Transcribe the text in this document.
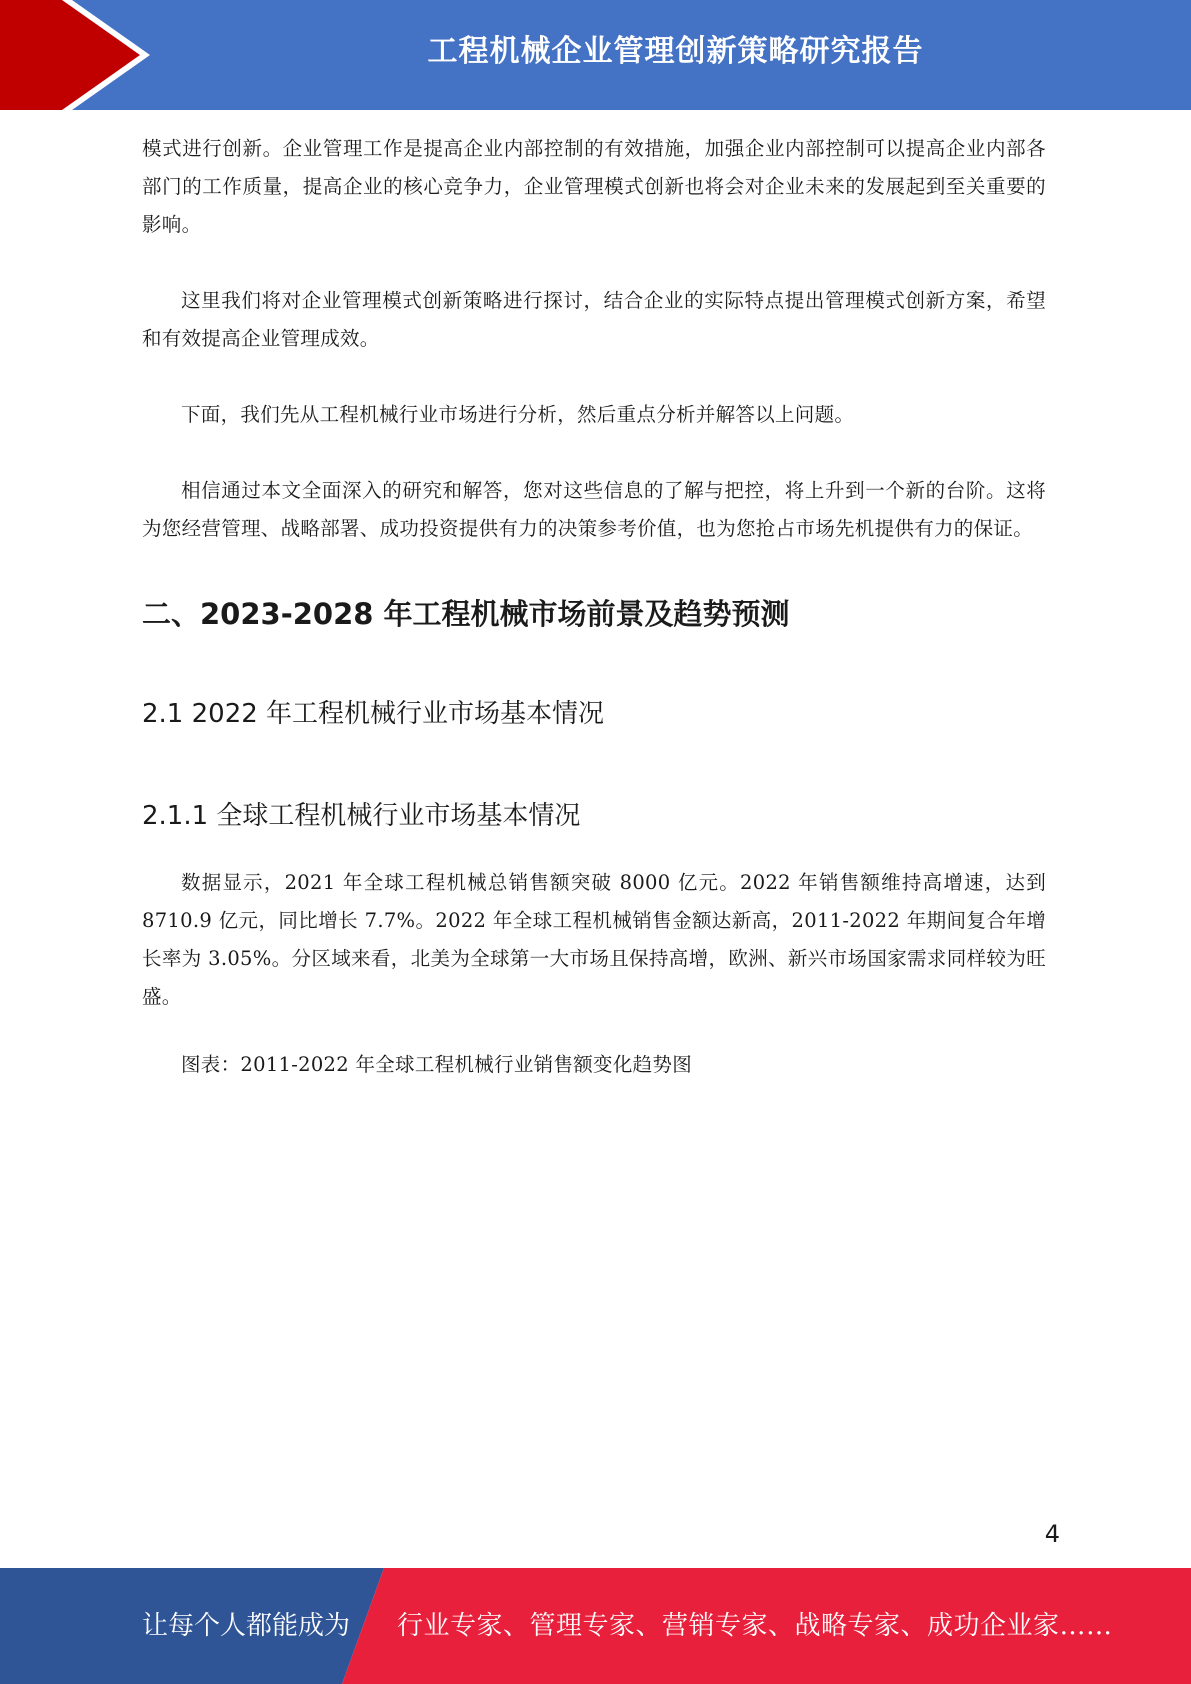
工程机械企业管理创新策略研究报告

模式进行创新。企业管理工作是提高企业内部控制的有效措施，加强企业内部控制可以提高企业内部各部门的工作质量，提高企业的核心竞争力，企业管理模式创新也将会对企业未来的发展起到至关重要的影响。

这里我们将对企业管理模式创新策略进行探讨，结合企业的实际特点提出管理模式创新方案，希望和有效提高企业管理成效。

下面，我们先从工程机械行业市场进行分析，然后重点分析并解答以上问题。

相信通过本文全面深入的研究和解答，您对这些信息的了解与把控，将上升到一个新的台阶。这将为您经营管理、战略部署、成功投资提供有力的决策参考价值，也为您抢占市场先机提供有力的保证。

二、2023-2028 年工程机械市场前景及趋势预测
2.1 2022 年工程机械行业市场基本情况
2.1.1 全球工程机械行业市场基本情况

数据显示，2021 年全球工程机械总销售额突破 8000 亿元。2022 年销售额维持高增速，达到 8710.9 亿元，同比增长 7.7%。2022 年全球工程机械销售金额达新高，2011-2022 年期间复合年增长率为 3.05%。分区域来看，北美为全球第一大市场且保持高增，欧洲、新兴市场国家需求同样较为旺盛。

图表：2011-2022 年全球工程机械行业销售额变化趋势图

4
让每个人都能成为 行业专家、管理专家、营销专家、战略专家、成功企业家……
